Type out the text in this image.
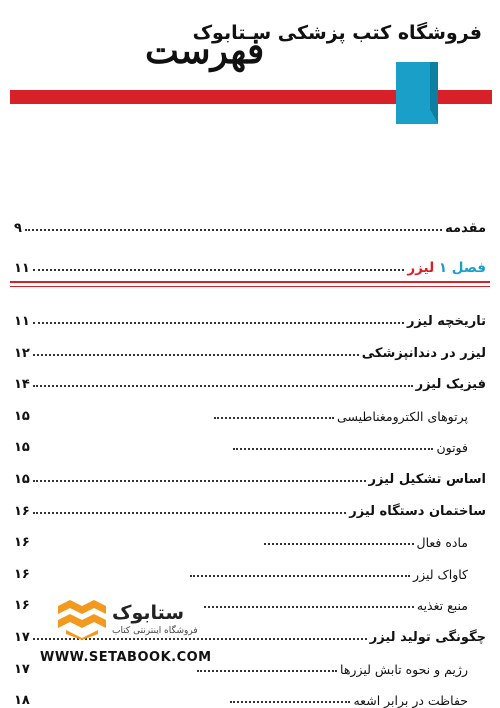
فروشگاه کتب پزشکی سـتابوک
فهرست
مقدمه
۹
فصل ۱ لیزر
۱۱
تاریخچه لیزر
۱۱
لیزر در دندانپزشکی
۱۲
فیزیک لیزر
۱۴
پرتوهای الکترومغناطیسی
۱۵
فوتون
۱۵
اساس تشکیل لیزر
۱۵
ساختمان دستگاه لیزر
۱۶
ماده فعال
۱۶
کاواک لیزر
۱۶
منبع تغذیه
۱۶
چگونگی تولید لیزر
۱۷
رژیم و نحوه تابش لیزرها
۱۷
حفاظت در برابر اشعه
۱۸
ستابوک
فروشگاه اینترنتی کتاب
WWW.SETABOOK.COM
